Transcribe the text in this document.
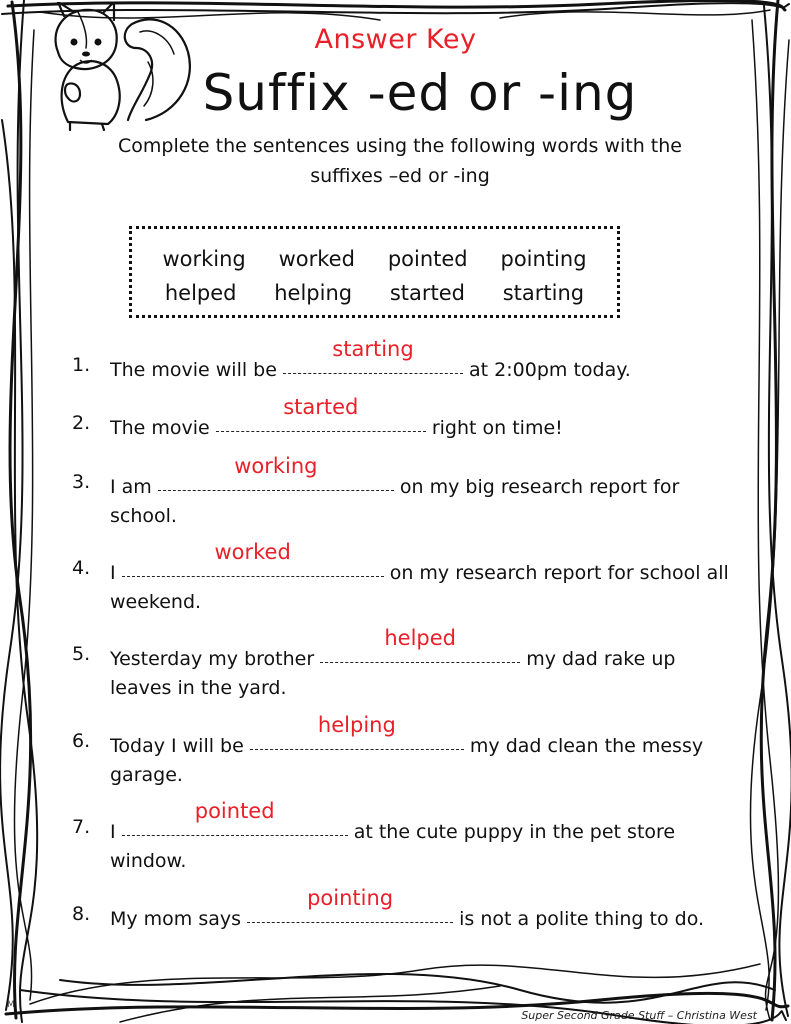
Answer Key
Suffix -ed or -ing
Complete the sentences using the following words with the suffixes –ed or -ing
working worked pointed pointing
helped helping started starting
1. The movie will be
starting
at 2:00pm today.
2. The movie
started
right on time!
3. I am
working
on my big research report for school.
4. I
worked
on my research report for school all weekend.
5. Yesterday my brother
helped
my dad rake up leaves in the yard.
6. Today I will be
helping
my dad clean the messy garage.
7. I
pointed
at the cute puppy in the pet store window.
8. My mom says
pointing
is not a polite thing to do.
Super Second Grade Stuff – Christina West
M
